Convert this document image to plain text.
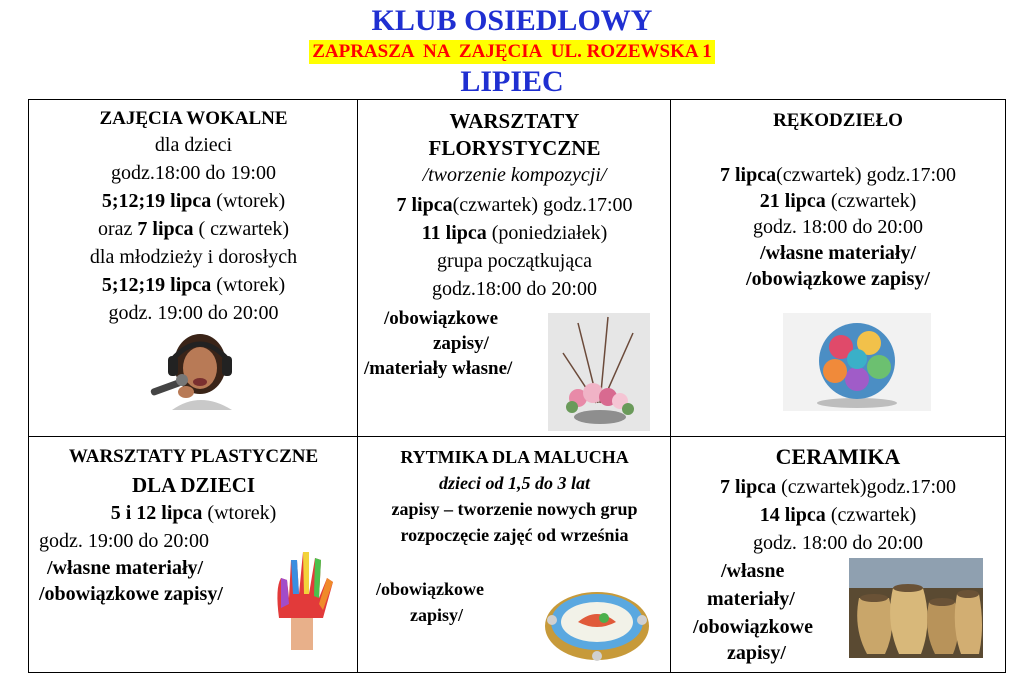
KLUB OSIEDLOWY
ZAPRASZA  NA  ZAJĘCIA  UL. ROZEWSKA 1
LIPIEC
ZAJĘCIA WOKALNE
dla dzieci
godz.18:00 do 19:00
5;12;19 lipca (wtorek)
oraz 7 lipca ( czwartek)
dla młodzieży i dorosłych
5;12;19 lipca (wtorek)
godz. 19:00 do 20:00
WARSZTATY
FLORYSTYCZNE
/tworzenie kompozycji/
7 lipca(czwartek) godz.17:00
11 lipca (poniedziałek)
grupa początkująca
godz.18:00 do 20:00
/obowiązkowe
zapisy/
/materiały własne/
RĘKODZIEŁO
7 lipca(czwartek) godz.17:00
21 lipca (czwartek)
godz. 18:00 do 20:00
/własne materiały/
/obowiązkowe zapisy/
WARSZTATY PLASTYCZNE
DLA DZIECI
5 i 12 lipca (wtorek)
godz. 19:00 do 20:00
/własne materiały/
/obowiązkowe zapisy/
RYTMIKA DLA MALUCHA
dzieci od 1,5 do 3 lat
zapisy – tworzenie nowych grup
rozpoczęcie zajęć od września
/obowiązkowe
zapisy/
CERAMIKA
7 lipca (czwartek)godz.17:00
14 lipca (czwartek)
godz. 18:00 do 20:00
/własne
materiały/
/obowiązkowe
zapisy/
